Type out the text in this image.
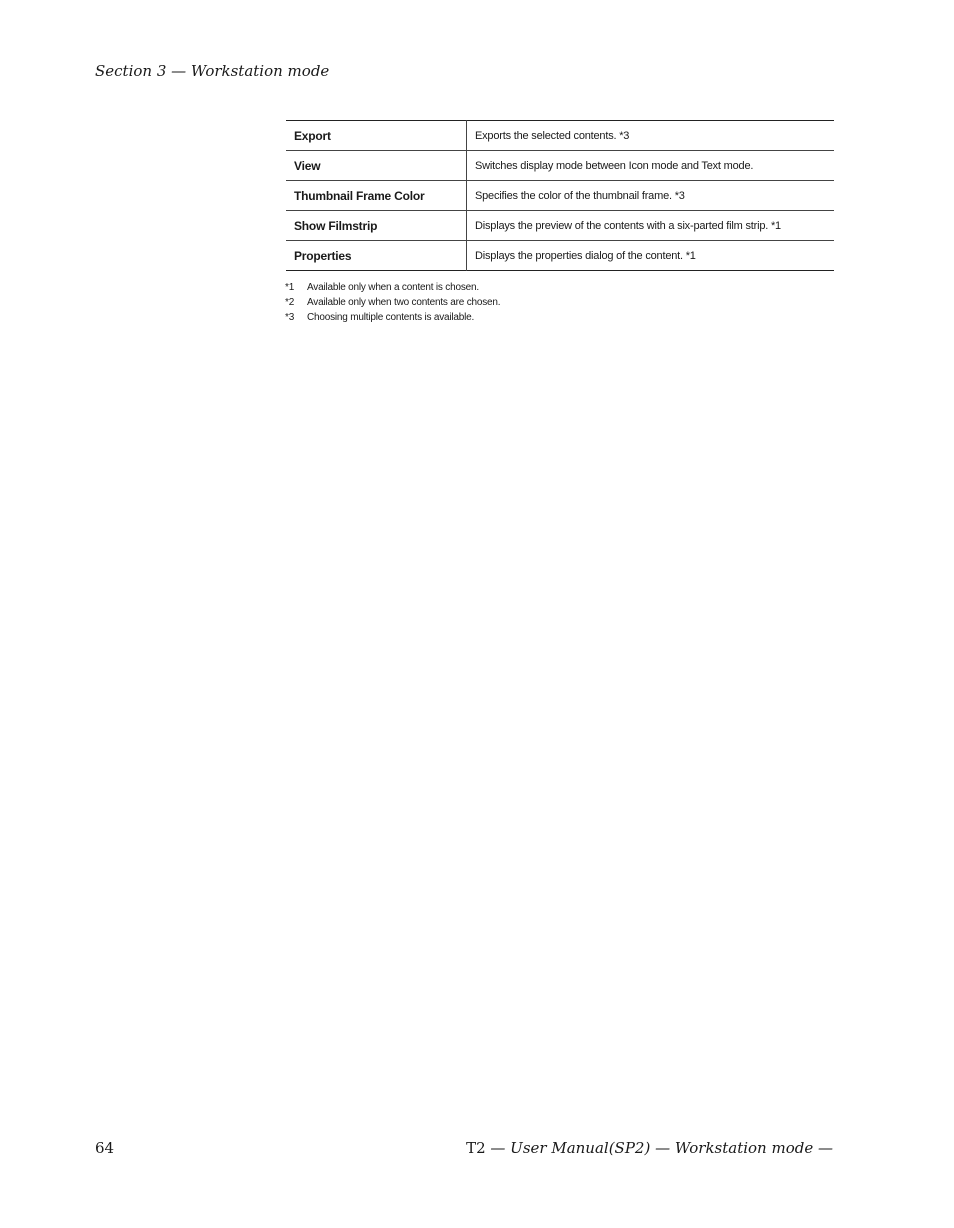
Section 3 — Workstation mode
Export	Exports the selected contents. *3
View	Switches display mode between Icon mode and Text mode.
Thumbnail Frame Color	Specifies the color of the thumbnail frame. *3
Show Filmstrip	Displays the preview of the contents with a six-parted film strip. *1
Properties	Displays the properties dialog of the content. *1
*1	Available only when a content is chosen.
*2	Available only when two contents are chosen.
*3	Choosing multiple contents is available.
64	T2 — User Manual(SP2) — Workstation mode —
